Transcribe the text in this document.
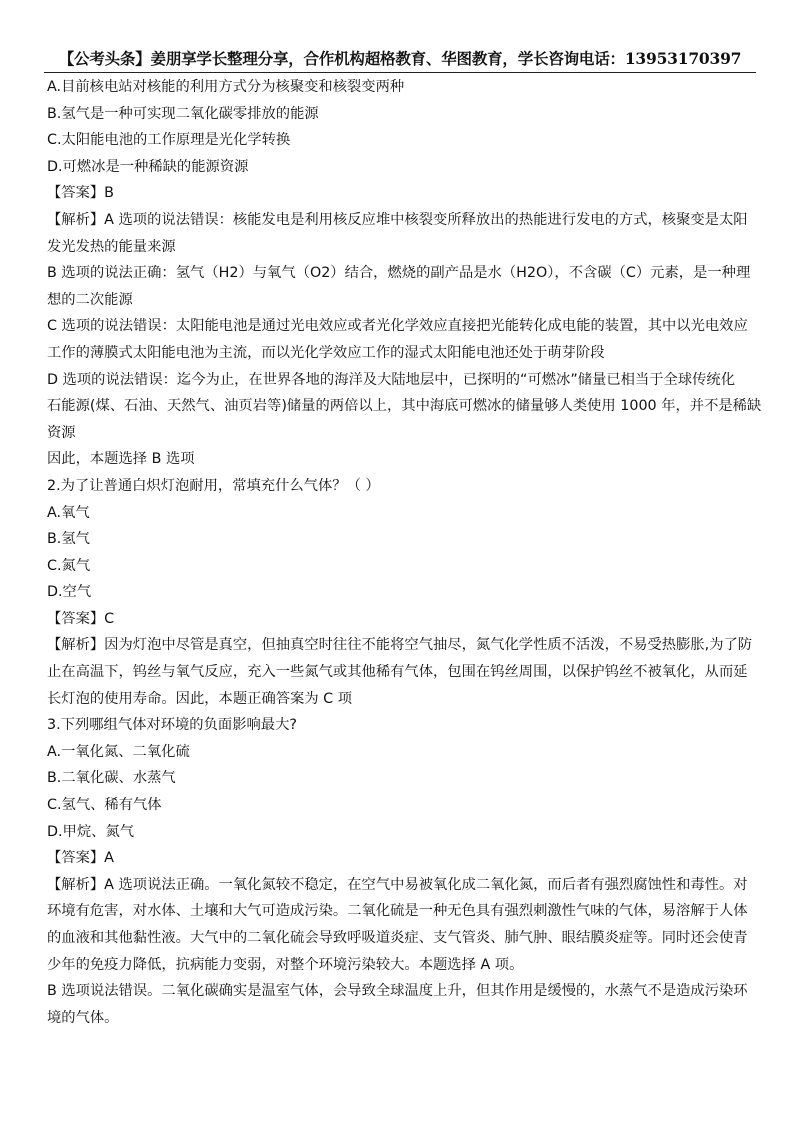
【公考头条】姜朋享学长整理分享，合作机构超格教育、华图教育，学长咨询电话：13953170397
A.目前核电站对核能的利用方式分为核聚变和核裂变两种
B.氢气是一种可实现二氧化碳零排放的能源
C.太阳能电池的工作原理是光化学转换
D.可燃冰是一种稀缺的能源资源
【答案】B
【解析】A 选项的说法错误：核能发电是利用核反应堆中核裂变所释放出的热能进行发电的方式，核聚变是太阳
发光发热的能量来源
B 选项的说法正确：氢气（H2）与氧气（O2）结合，燃烧的副产品是水（H2O），不含碳（C）元素，是一种理
想的二次能源
C 选项的说法错误：太阳能电池是通过光电效应或者光化学效应直接把光能转化成电能的装置，其中以光电效应
工作的薄膜式太阳能电池为主流，而以光化学效应工作的湿式太阳能电池还处于萌芽阶段
D 选项的说法错误：迄今为止，在世界各地的海洋及大陆地层中，已探明的“可燃冰”储量已相当于全球传统化
石能源(煤、石油、天然气、油页岩等)储量的两倍以上，其中海底可燃冰的储量够人类使用 1000 年，并不是稀缺
资源
因此，本题选择 B 选项
2.为了让普通白炽灯泡耐用，常填充什么气体？（ ）
A.氧气
B.氢气
C.氮气
D.空气
【答案】C
【解析】因为灯泡中尽管是真空，但抽真空时往往不能将空气抽尽，氮气化学性质不活泼，不易受热膨胀,为了防
止在高温下，钨丝与氧气反应，充入一些氮气或其他稀有气体，包围在钨丝周围，以保护钨丝不被氧化，从而延
长灯泡的使用寿命。因此，本题正确答案为 C 项
3.下列哪组气体对环境的负面影响最大?
A.一氧化氮、二氧化硫
B.二氧化碳、水蒸气
C.氢气、稀有气体
D.甲烷、氮气
【答案】A
【解析】A 选项说法正确。一氧化氮较不稳定，在空气中易被氧化成二氧化氮，而后者有强烈腐蚀性和毒性。对
环境有危害，对水体、土壤和大气可造成污染。二氧化硫是一种无色具有强烈刺激性气味的气体，易溶解于人体
的血液和其他黏性液。大气中的二氧化硫会导致呼吸道炎症、支气管炎、肺气肿、眼结膜炎症等。同时还会使青
少年的免疫力降低，抗病能力变弱，对整个环境污染较大。本题选择 A 项。
B 选项说法错误。二氧化碳确实是温室气体，会导致全球温度上升，但其作用是缓慢的，水蒸气不是造成污染环
境的气体。
